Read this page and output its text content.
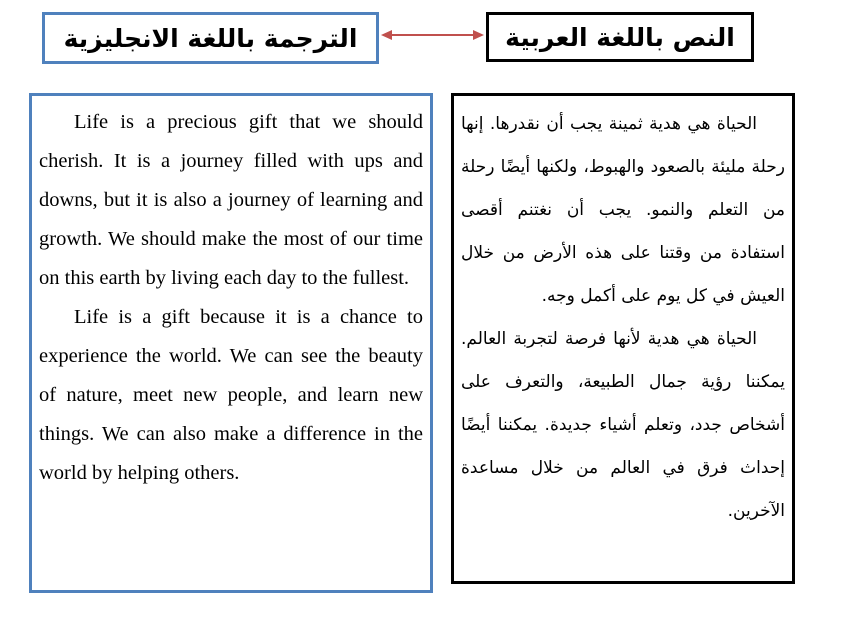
الترجمة باللغة الانجليزية	النص باللغة العربية

Life is a precious gift that we should cherish. It is a journey filled with ups and downs, but it is also a journey of learning and growth. We should make the most of our time on this earth by living each day to the fullest.

Life is a gift because it is a chance to experience the world. We can see the beauty of nature, meet new people, and learn new things. We can also make a difference in the world by helping others.

الحياة هي هدية ثمينة يجب أن نقدرها. إنها رحلة مليئة بالصعود والهبوط، ولكنها أيضًا رحلة من التعلم والنمو. يجب أن نغتنم أقصى استفادة من وقتنا على هذه الأرض من خلال العيش في كل يوم على أكمل وجه.

الحياة هي هدية لأنها فرصة لتجربة العالم. يمكننا رؤية جمال الطبيعة، والتعرف على أشخاص جدد، وتعلم أشياء جديدة. يمكننا أيضًا إحداث فرق في العالم من خلال مساعدة الآخرين.
